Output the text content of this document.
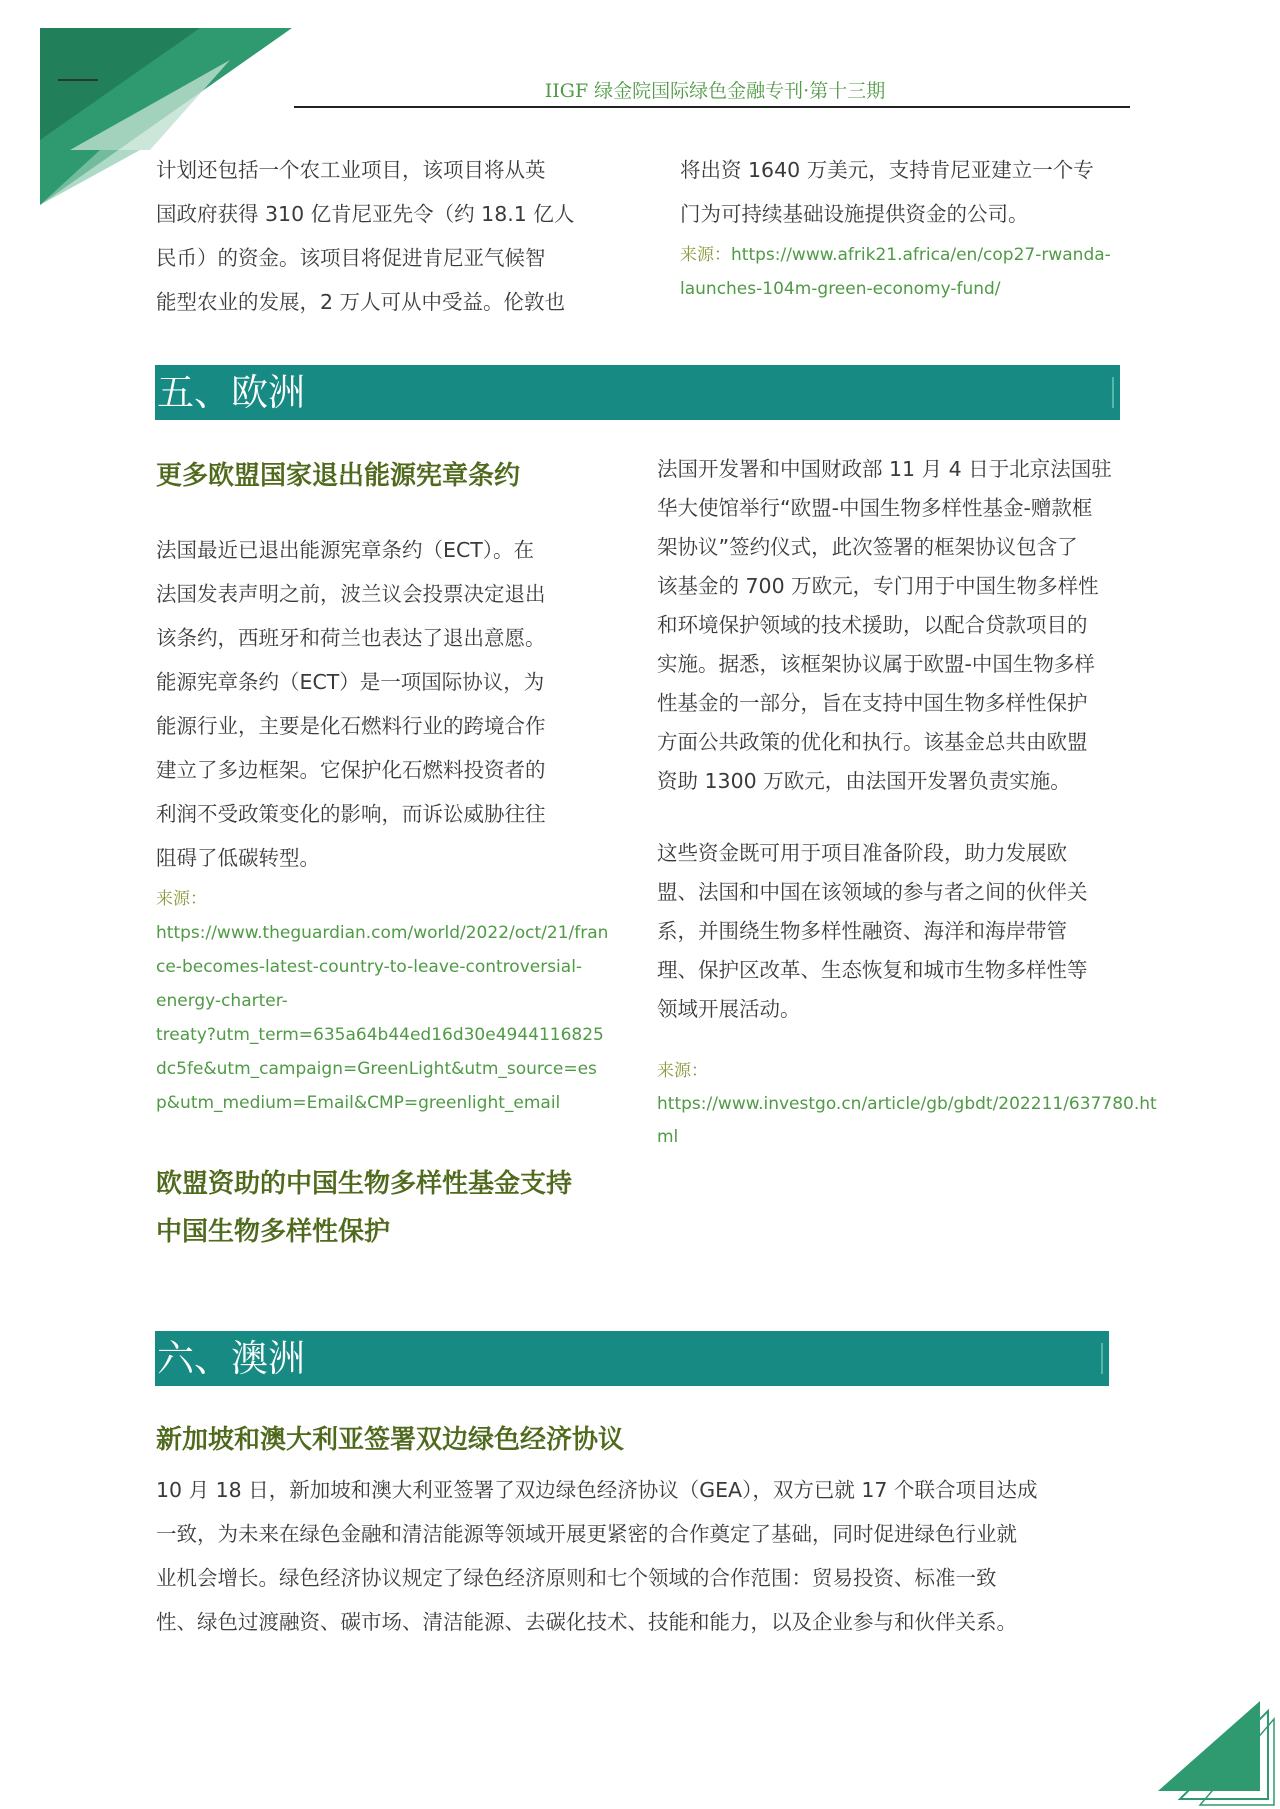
IIGF 绿金院国际绿色金融专刊·第十三期

计划还包括一个农工业项目，该项目将从英

国政府获得 310 亿肯尼亚先令（约 18.1 亿人

民币）的资金。该项目将促进肯尼亚气候智

能型农业的发展，2 万人可从中受益。伦敦也

将出资 1640 万美元，支持肯尼亚建立一个专

门为可持续基础设施提供资金的公司。

来源：https://www.afrik21.africa/en/cop27-rwanda-

launches-104m-green-economy-fund/

五、欧洲
更多欧盟国家退出能源宪章条约

法国最近已退出能源宪章条约（ECT）。在

法国发表声明之前，波兰议会投票决定退出

该条约，西班牙和荷兰也表达了退出意愿。

能源宪章条约（ECT）是一项国际协议，为

能源行业，主要是化石燃料行业的跨境合作

建立了多边框架。它保护化石燃料投资者的

利润不受政策变化的影响，而诉讼威胁往往

阻碍了低碳转型。

来源：

https://www.theguardian.com/world/2022/oct/21/fran

ce-becomes-latest-country-to-leave-controversial-

energy-charter-

treaty?utm_term=635a64b44ed16d30e4944116825

dc5fe&utm_campaign=GreenLight&utm_source=es

p&utm_medium=Email&CMP=greenlight_email

欧盟资助的中国生物多样性基金支持
中国生物多样性保护

法国开发署和中国财政部 11 月 4 日于北京法国驻

华大使馆举行“欧盟-中国生物多样性基金-赠款框

架协议”签约仪式，此次签署的框架协议包含了

该基金的 700 万欧元，专门用于中国生物多样性

和环境保护领域的技术援助，以配合贷款项目的

实施。据悉，该框架协议属于欧盟-中国生物多样

性基金的一部分，旨在支持中国生物多样性保护

方面公共政策的优化和执行。该基金总共由欧盟

资助 1300 万欧元，由法国开发署负责实施。

这些资金既可用于项目准备阶段，助力发展欧

盟、法国和中国在该领域的参与者之间的伙伴关

系，并围绕生物多样性融资、海洋和海岸带管

理、保护区改革、生态恢复和城市生物多样性等

领域开展活动。

来源：

https://www.investgo.cn/article/gb/gbdt/202211/637780.ht

ml

六、澳洲
新加坡和澳大利亚签署双边绿色经济协议

10 月 18 日，新加坡和澳大利亚签署了双边绿色经济协议（GEA），双方已就 17 个联合项目达成

一致，为未来在绿色金融和清洁能源等领域开展更紧密的合作奠定了基础，同时促进绿色行业就

业机会增长。绿色经济协议规定了绿色经济原则和七个领域的合作范围：贸易投资、标准一致

性、绿色过渡融资、碳市场、清洁能源、去碳化技术、技能和能力，以及企业参与和伙伴关系。
